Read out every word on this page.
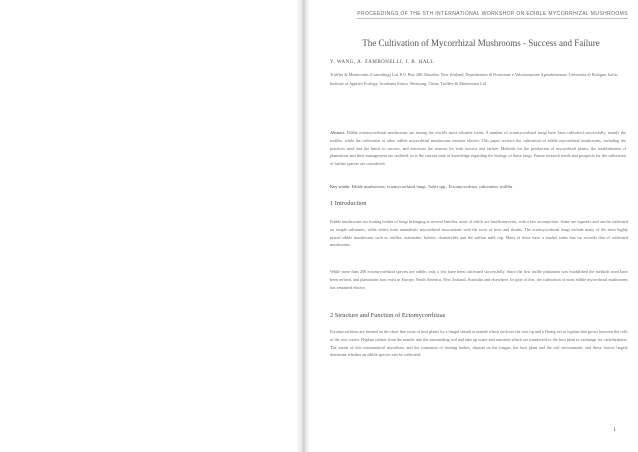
PROCEEDINGS OF THE 5TH INTERNATIONAL WORKSHOP ON EDIBLE MYCORRHIZAL MUSHROOMS
The Cultivation of Mycorrhizal Mushrooms - Success and Failure
Y. WANG, A. ZAMBONELLI, I. R. HALL
Truffles & Mushrooms (Consulting) Ltd, P.O. Box 268, Dunedin, New Zealand; Dipartimento di Protezione e Valorizzazione Agroalimentare, Università di Bologna, Italia; Institute of Applied Ecology, Academia Sinica, Shenyang, China; Truffles & Mushrooms Ltd
Abstract: Edible ectomycorrhizal mushrooms are among the world's most valuable foods. A number of ectomycorrhizal fungi have been cultivated successfully, mainly the truffles, while the cultivation of other edible mycorrhizal mushrooms remains elusive. This paper reviews the cultivation of edible mycorrhizal mushrooms, including the practices used and the limits to success, and discusses the reasons for both success and failure. Methods for the production of mycorrhizal plants, the establishment of plantations and their management are outlined, as is the current state of knowledge regarding the biology of these fungi. Future research needs and prospects for the cultivation of further species are considered.
Key words: Edible mushrooms, ectomycorrhizal fungi, Tuber spp., Ectomycorrhiza, cultivation, truffles
1 Introduction
Edible mushrooms are fruiting bodies of fungi belonging to several families, most of which are basidiomycetes, with a few ascomycetes. Some are saprobic and can be cultivated on simple substrates, while others form mutualistic mycorrhizal associations with the roots of trees and shrubs. The ectomycorrhizal fungi include many of the most highly prized edible mushrooms such as truffles, matsutake, boletes, chanterelles and the saffron milk cap. Many of these have a market value that far exceeds that of cultivated mushrooms.
While more than 200 ectomycorrhizal species are edible, only a few have been cultivated successfully. Since the first truffle plantation was established the methods used have been refined, and plantations now exist in Europe, North America, New Zealand, Australia and elsewhere. In spite of this, the cultivation of most edible mycorrhizal mushrooms has remained elusive.
2 Structure and Function of Ectomycorrhizas
Ectomycorrhizas are formed on the short fine roots of host plants by a fungal sheath or mantle which encloses the root tip and a Hartig net of hyphae that grows between the cells of the root cortex. Hyphae radiate from the mantle into the surrounding soil and take up water and nutrients which are transferred to the host plant in exchange for carbohydrates. The extent of this extramatrical mycelium, and the formation of fruiting bodies, depend on the fungus, the host plant and the soil environment, and these factors largely determine whether an edible species can be cultivated.
1
